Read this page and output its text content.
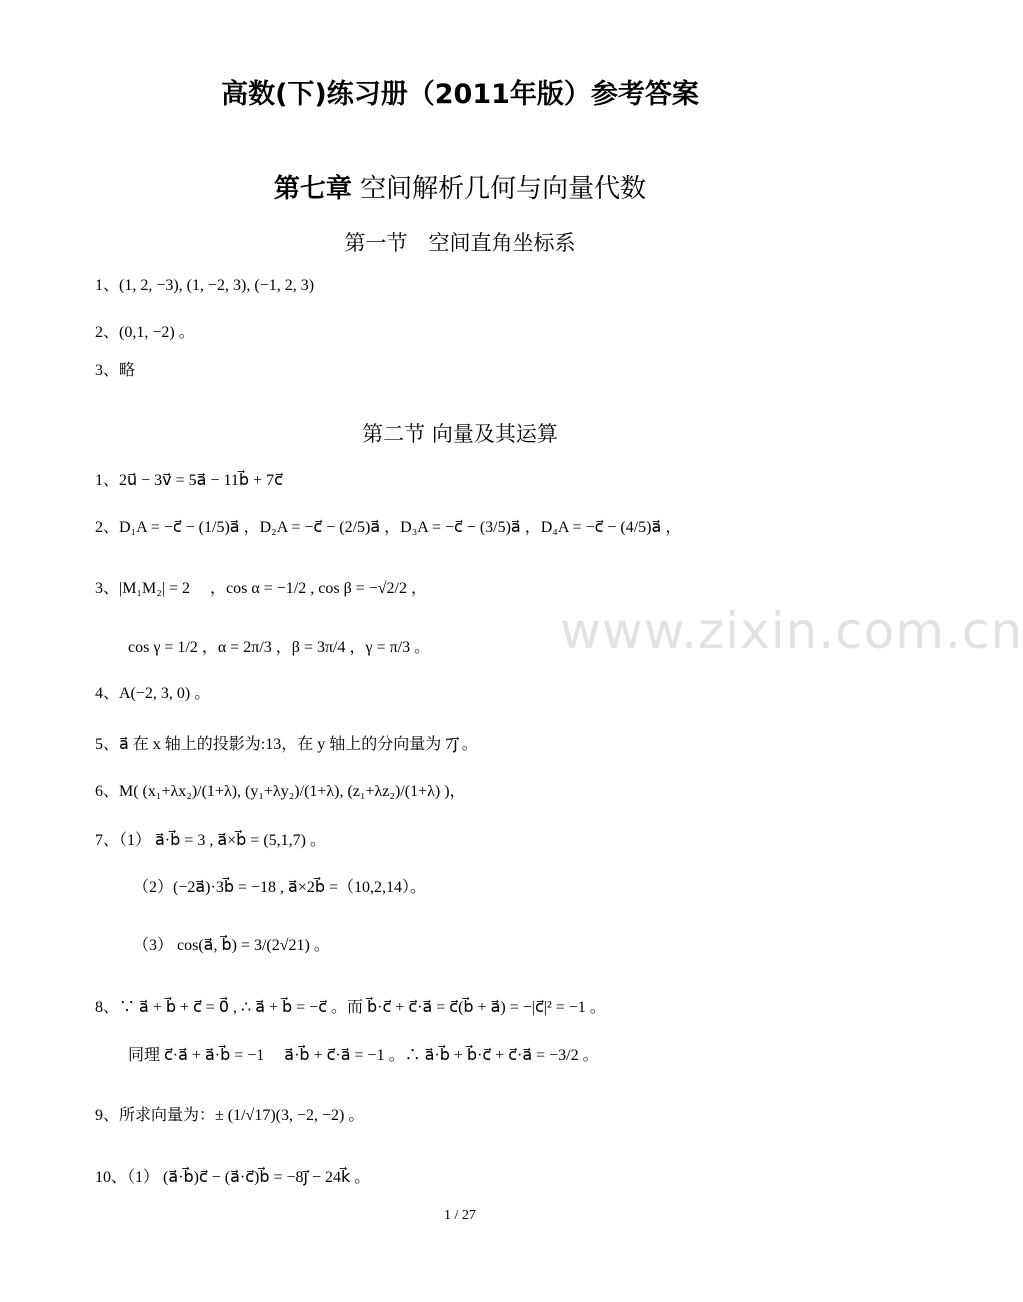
高数(下)练习册（2011年版）参考答案
第七章 空间解析几何与向量代数
第一节　空间直角坐标系
1、(1, 2, −3), (1, −2, 3), (−1, 2, 3)
2、(0,1, −2) 。
3、略
第二节 向量及其运算
1、2u⃗ − 3v⃗ = 5a⃗ − 11b⃗ + 7c⃗
2、D₁A = −c⃗ − (1/5)a⃗ ，D₂A = −c⃗ − (2/5)a⃗ ，D₃A = −c⃗ − (3/5)a⃗ ，D₄A = −c⃗ − (4/5)a⃗ ，
3、|M₁M₂| = 2　 ，cos α = −1/2 , cos β = −√2/2 ，
cos γ = 1/2 ，α = 2π/3 ，β = 3π/4 ，γ = π/3 。
4、A(−2, 3, 0) 。
5、a⃗ 在 x 轴上的投影为:13，在 y 轴上的分向量为 7j⃗ 。
6、M( (x₁+λx₂)/(1+λ), (y₁+λy₂)/(1+λ), (z₁+λz₂)/(1+λ) )，
7、（1） a⃗·b⃗ = 3 , a⃗×b⃗ = (5,1,7) 。
（2）(−2a⃗)·3b⃗ = −18 , a⃗×2b⃗ =（10,2,14）。
（3） cos(a⃗, b⃗) = 3/(2√21) 。
8、∵ a⃗ + b⃗ + c⃗ = 0⃗ , ∴ a⃗ + b⃗ = −c⃗ 。而 b⃗·c⃗ + c⃗·a⃗ = c⃗(b⃗ + a⃗) = −|c⃗|² = −1 。
同理 c⃗·a⃗ + a⃗·b⃗ = −1　 a⃗·b⃗ + c⃗·a⃗ = −1 。∴ a⃗·b⃗ + b⃗·c⃗ + c⃗·a⃗ = −3/2 。
9、所求向量为：± (1/√17)(3, −2, −2) 。
10、（1） (a⃗·b⃗)c⃗ − (a⃗·c⃗)b⃗ = −8j⃗ − 24k⃗ 。
www.zixin.com.cn
1 / 27
